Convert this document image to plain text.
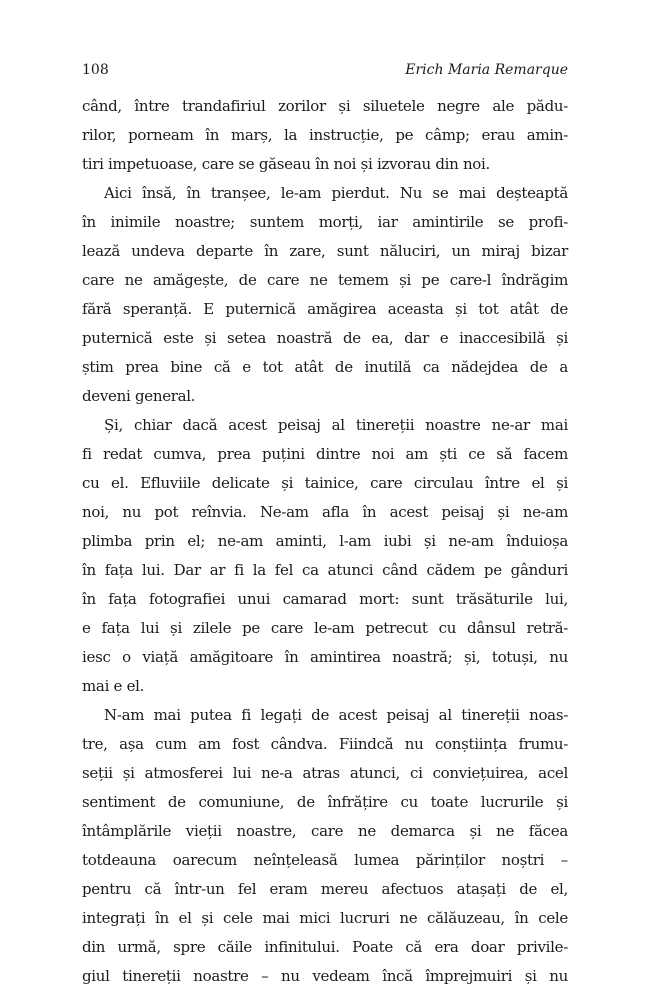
108	Erich Maria Remarque
când, între trandafiriul zorilor și siluetele negre ale pădu-
rilor, porneam în marș, la instrucție, pe câmp; erau amin-
tiri impetuoase, care se găseau în noi și izvorau din noi.
Aici însă, în tranșee, le-am pierdut. Nu se mai deșteaptă
în inimile noastre; suntem morți, iar amintirile se profi-
lează undeva departe în zare, sunt năluciri, un miraj bizar
care ne amăgește, de care ne temem și pe care-l îndrăgim
fără speranță. E puternică amăgirea aceasta și tot atât de
puternică este și setea noastră de ea, dar e inaccesibilă și
știm prea bine că e tot atât de inutilă ca nădejdea de a
deveni general.
Și, chiar dacă acest peisaj al tinereții noastre ne-ar mai
fi redat cumva, prea puțini dintre noi am ști ce să facem
cu el. Efluviile delicate și tainice, care circulau între el și
noi, nu pot reînvia. Ne-am afla în acest peisaj și ne-am
plimba prin el; ne-am aminti, l-am iubi și ne-am înduioșa
în fața lui. Dar ar fi la fel ca atunci când cădem pe gânduri
în fața fotografiei unui camarad mort: sunt trăsăturile lui,
e fața lui și zilele pe care le-am petrecut cu dânsul retră-
iesc o viață amăgitoare în amintirea noastră; și, totuși, nu
mai e el.
N-am mai putea fi legați de acest peisaj al tinereții noas-
tre, așa cum am fost cândva. Fiindcă nu conștiința frumu-
seții și atmosferei lui ne-a atras atunci, ci conviețuirea, acel
sentiment de comuniune, de înfrățire cu toate lucrurile și
întâmplările vieții noastre, care ne demarca și ne făcea
totdeauna oarecum neînțeleasă lumea părinților noștri –
pentru că într-un fel eram mereu afectuos atașați de el,
integrați în el și cele mai mici lucruri ne călăuzeau, în cele
din urmă, spre căile infinitului. Poate că era doar privile-
giul tinereții noastre – nu vedeam încă împrejmuiri și nu
